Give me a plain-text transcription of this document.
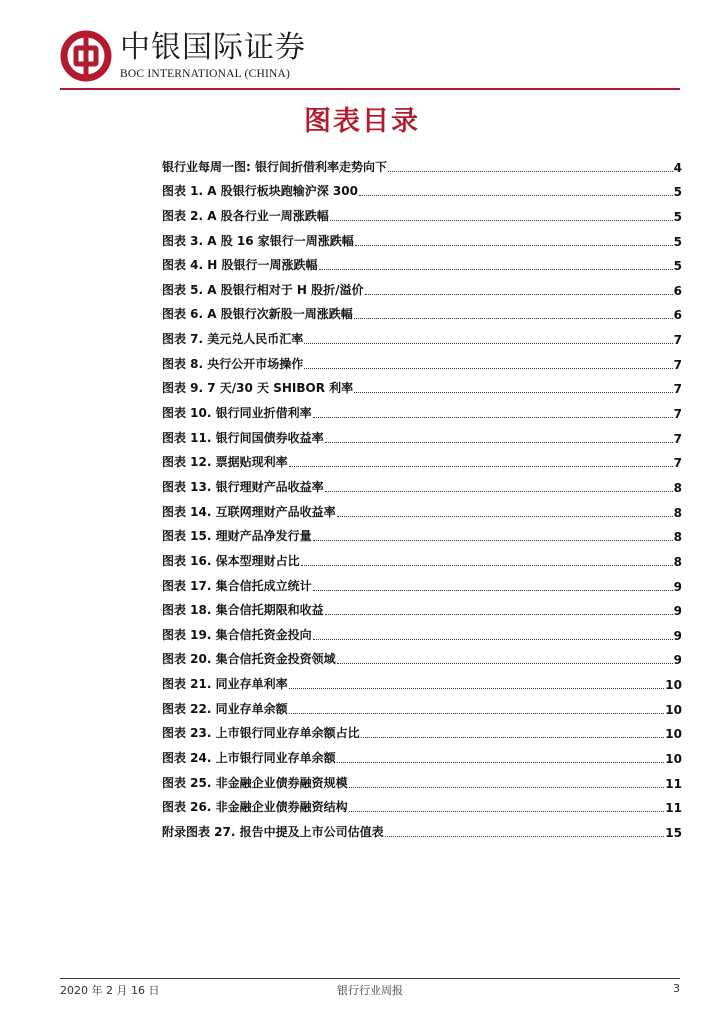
中银国际证券
BOC INTERNATIONAL (CHINA)
图表目录
银行业每周一图: 银行间折借利率走势向下	4
图表 1. A 股银行板块跑输沪深 300	5
图表 2. A 股各行业一周涨跌幅	5
图表 3. A 股 16 家银行一周涨跌幅	5
图表 4. H 股银行一周涨跌幅	5
图表 5. A 股银行相对于 H 股折/溢价	6
图表 6. A 股银行次新股一周涨跌幅	6
图表 7. 美元兑人民币汇率	7
图表 8. 央行公开市场操作	7
图表 9. 7 天/30 天 SHIBOR 利率	7
图表 10. 银行同业折借利率	7
图表 11. 银行间国债券收益率	7
图表 12. 票据贴现利率	7
图表 13. 银行理财产品收益率	8
图表 14. 互联网理财产品收益率	8
图表 15. 理财产品净发行量	8
图表 16. 保本型理财占比	8
图表 17. 集合信托成立统计	9
图表 18. 集合信托期限和收益	9
图表 19. 集合信托资金投向	9
图表 20. 集合信托资金投资领域	9
图表 21. 同业存单利率	10
图表 22. 同业存单余额	10
图表 23. 上市银行同业存单余额占比	10
图表 24. 上市银行同业存单余额	10
图表 25. 非金融企业债券融资规模	11
图表 26. 非金融企业债券融资结构	11
附录图表 27. 报告中提及上市公司估值表	15
2020 年 2 月 16 日	银行行业周报	3
